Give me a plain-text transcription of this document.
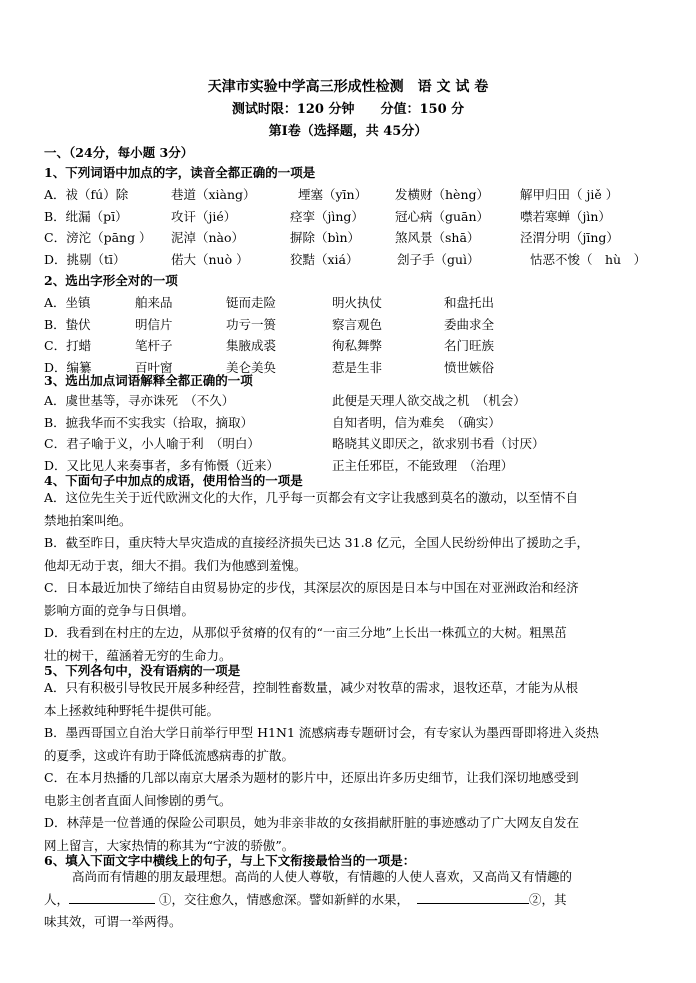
天津市实验中学高三形成性检测　语 文 试 卷
测试时限：120 分钟　　分值：150 分
第Ⅰ卷（选择题，共 45分）
一、（24分，每小题 3分）
1、下列词语中加点的字，读音全都正确的一项是
A．祓（fú）除	巷道（xiàng）	堙塞（yīn） 发横财（hèng） 解甲归田（ jiě ）
B．纰漏（pī）	攻讦（jié）	痉挛（jìng） 冠心病（guān） 噤若寒蝉（jìn）
C．滂沱（pāng ） 泥淖（nào）	摒除（bìn）	煞风景（shā）	泾渭分明（jīng）
D．挑剔（tī）	偌大（nuò ）	狡黠（xiá）	刽子手（guì）	怙恶不悛（　hù　）
2、选出字形全对的一项
A．坐镇	舶来品	铤而走险	明火执仗	和盘托出
B．蛰伏	明信片	功亏一篑	察言观色	委曲求全
C．打蜡	笔杆子	集腋成裘	徇私舞弊	名门旺族
D．编纂	百叶窗	美仑美奂	惹是生非	愤世嫉俗
3、选出加点词语解释全都正确的一项
A．虞世基等，寻亦诛死　（不久）	此便是天理人欲交战之机　（机会）
B．摭我华而不实我实（拾取，摘取）	自知者明，信为难矣　（确实）
C．君子喻于义，小人喻于利　（明白）	略晓其义即厌之，欲求别书看（讨厌）
D．又比见人来奏事者，多有怖慑（近来）	正主任邪臣，不能致理　（治理）
4、下面句子中加点的成语，使用恰当的一项是
A．这位先生关于近代欧洲文化的大作，几乎每一页都会有文字让我感到莫名的激动，以至情不自
禁地拍案叫绝。
B．截至昨日，重庆特大旱灾造成的直接经济损失已达 31.8 亿元，全国人民纷纷伸出了援助之手，
他却无动于衷，细大不捐。我们为他感到羞愧。
C．日本最近加快了缔结自由贸易协定的步伐，其深层次的原因是日本与中国在对亚洲政治和经济
影响方面的竞争与日俱增。
D．我看到在村庄的左边，从那似乎贫瘠的仅有的“一亩三分地”上长出一株孤立的大树。粗黑茁
壮的树干，蕴涵着无穷的生命力。
5、下列各句中，没有语病的一项是
A．只有积极引导牧民开展多种经营，控制牲畜数量，减少对牧草的需求，退牧还草，才能为从根
本上拯救纯种野牦牛提供可能。
B．墨西哥国立自治大学日前举行甲型 H1N1 流感病毒专题研讨会，有专家认为墨西哥即将进入炎热
的夏季，这或许有助于降低流感病毒的扩散。
C．在本月热播的几部以南京大屠杀为题材的影片中，还原出许多历史细节，让我们深切地感受到
电影主创者直面人间惨剧的勇气。
D．林萍是一位普通的保险公司职员，她为非亲非故的女孩捐献肝脏的事迹感动了广大网友自发在
网上留言，大家热情的称其为“宁波的骄傲”。
6、填入下面文字中横线上的句子，与上下文衔接最恰当的一项是：
高尚而有情趣的朋友最理想。高尚的人使人尊敬，有情趣的人使人喜欢，又高尚又有情趣的
人，	①，交往愈久，情感愈深。譬如新鲜的水果，	②，其
味其效，可谓一举两得。
